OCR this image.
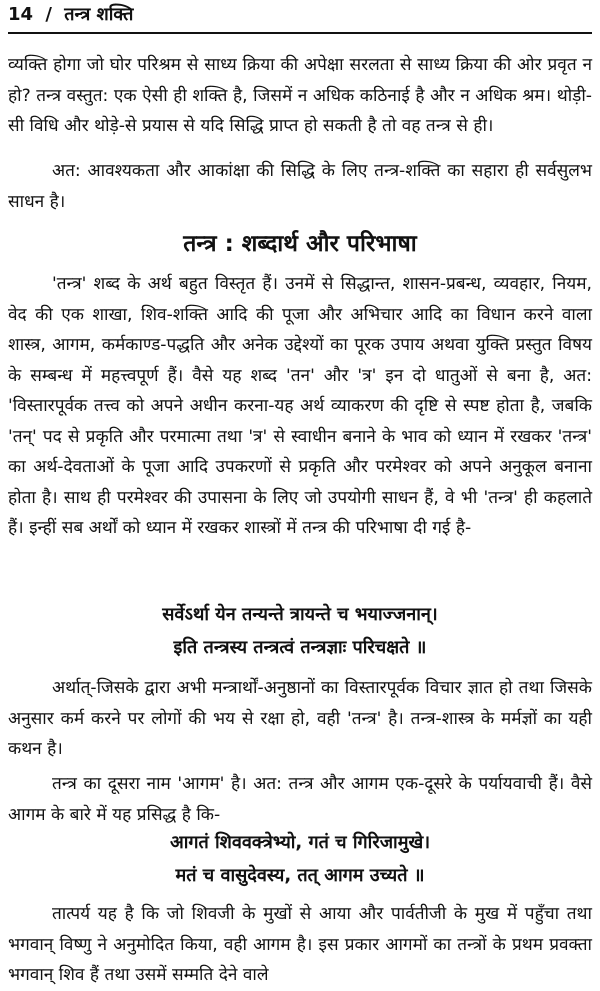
14 / तन्त्र शक्ति
व्यक्ति होगा जो घोर परिश्रम से साध्य क्रिया की अपेक्षा सरलता से साध्य क्रिया की ओर प्रवृत न हो? तन्त्र वस्तुत: एक ऐसी ही शक्ति है, जिसमें न अधिक कठिनाई है और न अधिक श्रम। थोड़ी-सी विधि और थोड़े-से प्रयास से यदि सिद्धि प्राप्त हो सकती है तो वह तन्त्र से ही।
अत: आवश्यकता और आकांक्षा की सिद्धि के लिए तन्त्र-शक्ति का सहारा ही सर्वसुलभ साधन है।
तन्त्र : शब्दार्थ और परिभाषा
'तन्त्र' शब्द के अर्थ बहुत विस्तृत हैं। उनमें से सिद्धान्त, शासन-प्रबन्ध, व्यवहार, नियम, वेद की एक शाखा, शिव-शक्ति आदि की पूजा और अभिचार आदि का विधान करने वाला शास्त्र, आगम, कर्मकाण्ड-पद्धति और अनेक उद्देश्यों का पूरक उपाय अथवा युक्ति प्रस्तुत विषय के सम्बन्ध में महत्त्वपूर्ण हैं। वैसे यह शब्द 'तन' और 'त्र' इन दो धातुओं से बना है, अत: 'विस्तारपूर्वक तत्त्व को अपने अधीन करना-यह अर्थ व्याकरण की दृष्टि से स्पष्ट होता है, जबकि 'तन्' पद से प्रकृति और परमात्मा तथा 'त्र' से स्वाधीन बनाने के भाव को ध्यान में रखकर 'तन्त्र' का अर्थ-देवताओं के पूजा आदि उपकरणों से प्रकृति और परमेश्वर को अपने अनुकूल बनाना होता है। साथ ही परमेश्वर की उपासना के लिए जो उपयोगी साधन हैं, वे भी 'तन्त्र' ही कहलाते हैं। इन्हीं सब अर्थों को ध्यान में रखकर शास्त्रों में तन्त्र की परिभाषा दी गई है-
सर्वेऽर्था येन तन्यन्ते त्रायन्ते च भयाज्जनान्।
इति तन्त्रस्य तन्त्रत्वं तन्त्रज्ञाः परिचक्षते ॥
अर्थात्-जिसके द्वारा अभी मन्त्रार्थों-अनुष्ठानों का विस्तारपूर्वक विचार ज्ञात हो तथा जिसके अनुसार कर्म करने पर लोगों की भय से रक्षा हो, वही 'तन्त्र' है। तन्त्र-शास्त्र के मर्मज्ञों का यही कथन है।
तन्त्र का दूसरा नाम 'आगम' है। अत: तन्त्र और आगम एक-दूसरे के पर्यायवाची हैं। वैसे आगम के बारे में यह प्रसिद्ध है कि-
आगतं शिववक्त्रेभ्यो, गतं च गिरिजामुखे।
मतं च वासुदेवस्य, तत् आगम उच्यते ॥
तात्पर्य यह है कि जो शिवजी के मुखों से आया और पार्वतीजी के मुख में पहुँचा तथा भगवान् विष्णु ने अनुमोदित किया, वही आगम है। इस प्रकार आगमों का तन्त्रों के प्रथम प्रवक्ता भगवान् शिव हैं तथा उसमें सम्मति देने वाले
